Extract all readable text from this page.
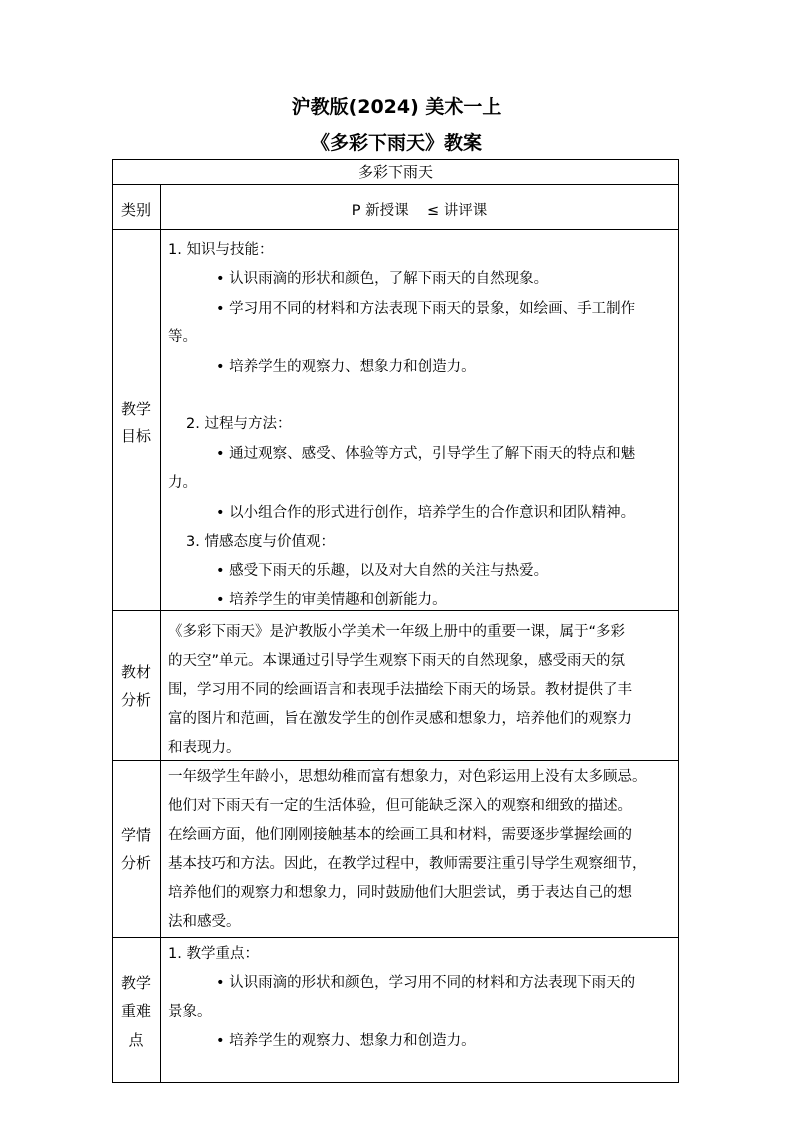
沪教版(2024) 美术一上
《多彩下雨天》教案
多彩下雨天
类别	P 新授课    ≤ 讲评课
教学
目标
1. 知识与技能：
• 认识雨滴的形状和颜色，了解下雨天的自然现象。
• 学习用不同的材料和方法表现下雨天的景象，如绘画、手工制作
等。
• 培养学生的观察力、想象力和创造力。
2. 过程与方法：
• 通过观察、感受、体验等方式，引导学生了解下雨天的特点和魅
力。
• 以小组合作的形式进行创作，培养学生的合作意识和团队精神。
3. 情感态度与价值观：
• 感受下雨天的乐趣，以及对大自然的关注与热爱。
• 培养学生的审美情趣和创新能力。
教材
分析
《多彩下雨天》是沪教版小学美术一年级上册中的重要一课，属于“多彩
的天空”单元。本课通过引导学生观察下雨天的自然现象，感受雨天的氛
围，学习用不同的绘画语言和表现手法描绘下雨天的场景。教材提供了丰
富的图片和范画，旨在激发学生的创作灵感和想象力，培养他们的观察力
和表现力。
学情
分析
一年级学生年龄小，思想幼稚而富有想象力，对色彩运用上没有太多顾忌。
他们对下雨天有一定的生活体验，但可能缺乏深入的观察和细致的描述。
在绘画方面，他们刚刚接触基本的绘画工具和材料，需要逐步掌握绘画的
基本技巧和方法。因此，在教学过程中，教师需要注重引导学生观察细节，
培养他们的观察力和想象力，同时鼓励他们大胆尝试，勇于表达自己的想
法和感受。
教学
重难
点
1. 教学重点：
• 认识雨滴的形状和颜色，学习用不同的材料和方法表现下雨天的
景象。
• 培养学生的观察力、想象力和创造力。
